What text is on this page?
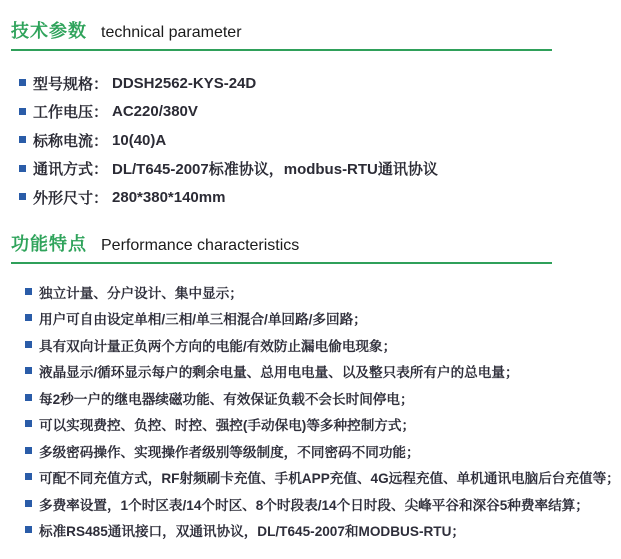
技术参数 technical parameter
型号规格： DDSH2562-KYS-24D
工作电压： AC220/380V
标称电流： 10(40)A
通讯方式： DL/T645-2007标准协议，modbus-RTU通讯协议
外形尺寸： 280*380*140mm
功能特点 Performance characteristics
独立计量、分户设计、集中显示；
用户可自由设定单相/三相/单三相混合/单回路/多回路；
具有双向计量正负两个方向的电能/有效防止漏电偷电现象；
液晶显示/循环显示每户的剩余电量、总用电电量、以及整只表所有户的总电量；
每2秒一户的继电器续磁功能、有效保证负载不会长时间停电；
可以实现费控、负控、时控、强控(手动保电)等多种控制方式；
多级密码操作、实现操作者级别等级制度，不同密码不同功能；
可配不同充值方式，RF射频刷卡充值、手机APP充值、4G远程充值、单机通讯电脑后台充值等；
多费率设置，1个时区表/14个时区、8个时段表/14个日时段、尖峰平谷和深谷5种费率结算；
标准RS485通讯接口，双通讯协议，DL/T645-2007和MODBUS-RTU；
